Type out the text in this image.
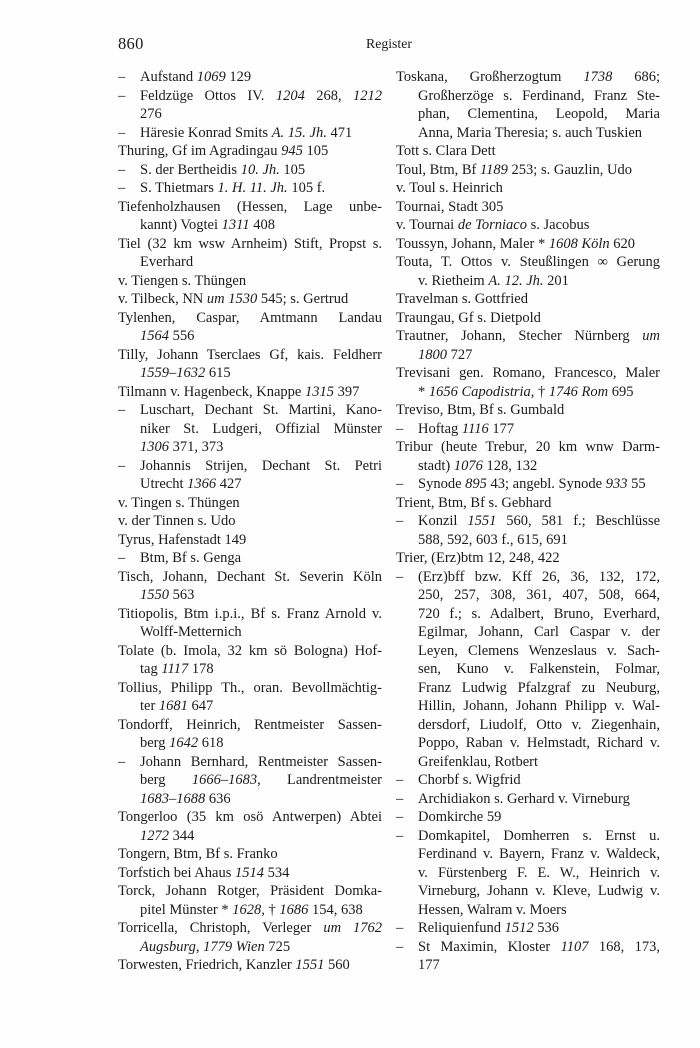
860	Register
– Aufstand 1069 129
– Feldzüge Ottos IV. 1204 268, 1212
276
– Häresie Konrad Smits A. 15. Jh. 471
Thuring, Gf im Agradingau 945 105
– S. der Bertheidis 10. Jh. 105
– S. Thietmars 1. H. 11. Jh. 105 f.
Tiefenholzhausen (Hessen, Lage unbe-
kannt) Vogtei 1311 408
Tiel (32 km wsw Arnheim) Stift, Propst s.
Everhard
v. Tiengen s. Thüngen
v. Tilbeck, NN um 1530 545; s. Gertrud
Tylenhen, Caspar, Amtmann Landau
1564 556
Tilly, Johann Tserclaes Gf, kais. Feldherr
1559–1632 615
Tilmann v. Hagenbeck, Knappe 1315 397
– Luschart, Dechant St. Martini, Kano-
niker St. Ludgeri, Offizial Münster
1306 371, 373
– Johannis Strijen, Dechant St. Petri
Utrecht 1366 427
v. Tingen s. Thüngen
v. der Tinnen s. Udo
Tyrus, Hafenstadt 149
– Btm, Bf s. Genga
Tisch, Johann, Dechant St. Severin Köln
1550 563
Titiopolis, Btm i.p.i., Bf s. Franz Arnold v.
Wolff-Metternich
Tolate (b. Imola, 32 km sö Bologna) Hof-
tag 1117 178
Tollius, Philipp Th., oran. Bevollmächtig-
ter 1681 647
Tondorff, Heinrich, Rentmeister Sassen-
berg 1642 618
– Johann Bernhard, Rentmeister Sassen-
berg 1666–1683, Landrentmeister
1683–1688 636
Tongerloo (35 km osö Antwerpen) Abtei
1272 344
Tongern, Btm, Bf s. Franko
Torfstich bei Ahaus 1514 534
Torck, Johann Rotger, Präsident Domka-
pitel Münster * 1628, † 1686 154, 638
Torricella, Christoph, Verleger um 1762
Augsburg, 1779 Wien 725
Torwesten, Friedrich, Kanzler 1551 560
Toskana, Großherzogtum 1738 686;
Großherzöge s. Ferdinand, Franz Ste-
phan, Clementina, Leopold, Maria
Anna, Maria Theresia; s. auch Tuskien
Tott s. Clara Dett
Toul, Btm, Bf 1189 253; s. Gauzlin, Udo
v. Toul s. Heinrich
Tournai, Stadt 305
v. Tournai de Torniaco s. Jacobus
Toussyn, Johann, Maler * 1608 Köln 620
Touta, T. Ottos v. Steußlingen ∞ Gerung
v. Rietheim A. 12. Jh. 201
Travelman s. Gottfried
Traungau, Gf s. Dietpold
Trautner, Johann, Stecher Nürnberg um
1800 727
Trevisani gen. Romano, Francesco, Maler
* 1656 Capodistria, † 1746 Rom 695
Treviso, Btm, Bf s. Gumbald
– Hoftag 1116 177
Tribur (heute Trebur, 20 km wnw Darm-
stadt) 1076 128, 132
– Synode 895 43; angebl. Synode 933 55
Trient, Btm, Bf s. Gebhard
– Konzil 1551 560, 581 f.; Beschlüsse
588, 592, 603 f., 615, 691
Trier, (Erz)btm 12, 248, 422
– (Erz)bff bzw. Kff 26, 36, 132, 172,
250, 257, 308, 361, 407, 508, 664,
720 f.; s. Adalbert, Bruno, Everhard,
Egilmar, Johann, Carl Caspar v. der
Leyen, Clemens Wenzeslaus v. Sach-
sen, Kuno v. Falkenstein, Folmar,
Franz Ludwig Pfalzgraf zu Neuburg,
Hillin, Johann, Johann Philipp v. Wal-
dersdorf, Liudolf, Otto v. Ziegenhain,
Poppo, Raban v. Helmstadt, Richard v.
Greifenklau, Rotbert
– Chorbf s. Wigfrid
– Archidiakon s. Gerhard v. Virneburg
– Domkirche 59
– Domkapitel, Domherren s. Ernst u.
Ferdinand v. Bayern, Franz v. Waldeck,
v. Fürstenberg F. E. W., Heinrich v.
Virneburg, Johann v. Kleve, Ludwig v.
Hessen, Walram v. Moers
– Reliquienfund 1512 536
– St Maximin, Kloster 1107 168, 173,
177
